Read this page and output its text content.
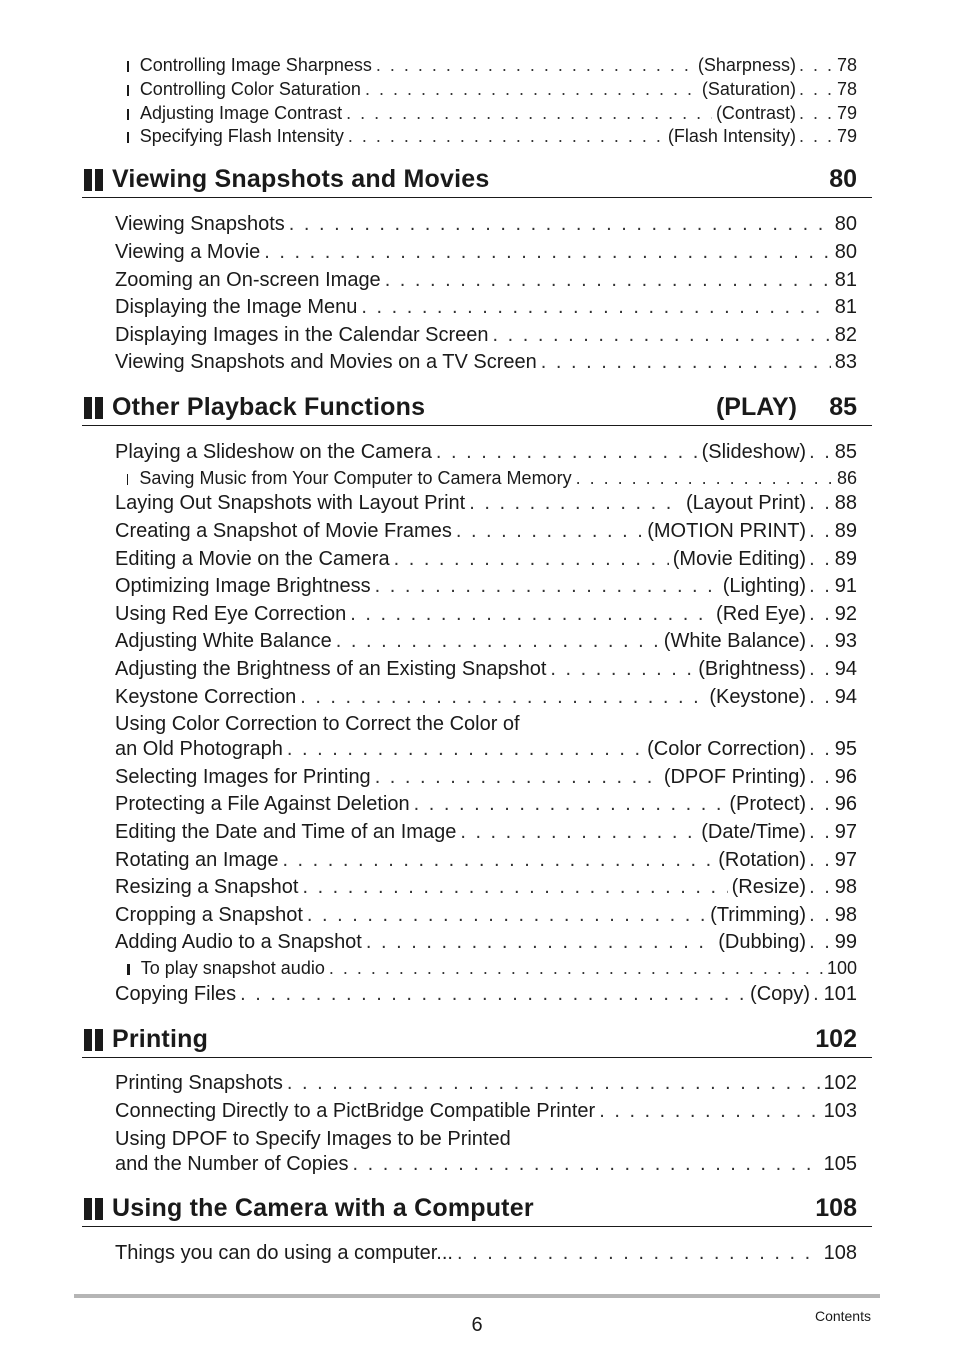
Controlling Image Sharpness . . .	(Sharpness) . . . 78
Controlling Color Saturation . . .	(Saturation) . . . 78
Adjusting Image Contrast . . .	(Contrast) . . . 79
Specifying Flash Intensity . . .	(Flash Intensity) . . . 79
Viewing Snapshots and Movies	80
Viewing Snapshots . . .	80
Viewing a Movie . . .	80
Zooming an On-screen Image . . .	81
Displaying the Image Menu . . .	81
Displaying Images in the Calendar Screen . . .	82
Viewing Snapshots and Movies on a TV Screen . . .	83
Other Playback Functions	(PLAY) 85
Playing a Slideshow on the Camera . . .	(Slideshow) . . 85
Saving Music from Your Computer to Camera Memory . . .	86
Laying Out Snapshots with Layout Print . . .	(Layout Print) . . 88
Creating a Snapshot of Movie Frames . . .	(MOTION PRINT) . . 89
Editing a Movie on the Camera . . .	(Movie Editing) . . 89
Optimizing Image Brightness . . .	(Lighting) . . 91
Using Red Eye Correction . . .	(Red Eye) . . 92
Adjusting White Balance . . .	(White Balance) . . 93
Adjusting the Brightness of an Existing Snapshot . . .	(Brightness) . . 94
Keystone Correction . . .	(Keystone) . . 94
Using Color Correction to Correct the Color of
an Old Photograph . . .	(Color Correction) . . 95
Selecting Images for Printing . . .	(DPOF Printing) . . 96
Protecting a File Against Deletion . . .	(Protect) . . 96
Editing the Date and Time of an Image . . .	(Date/Time) . . 97
Rotating an Image . . .	(Rotation) . . 97
Resizing a Snapshot . . .	(Resize) . . 98
Cropping a Snapshot . . .	(Trimming) . . 98
Adding Audio to a Snapshot . . .	(Dubbing) . . 99
To play snapshot audio . . .	100
Copying Files . . .	(Copy) . 101
Printing	102
Printing Snapshots . . .	102
Connecting Directly to a PictBridge Compatible Printer . . .	103
Using DPOF to Specify Images to be Printed
and the Number of Copies . . .	105
Using the Camera with a Computer	108
Things you can do using a computer... . . .	108
6	Contents
